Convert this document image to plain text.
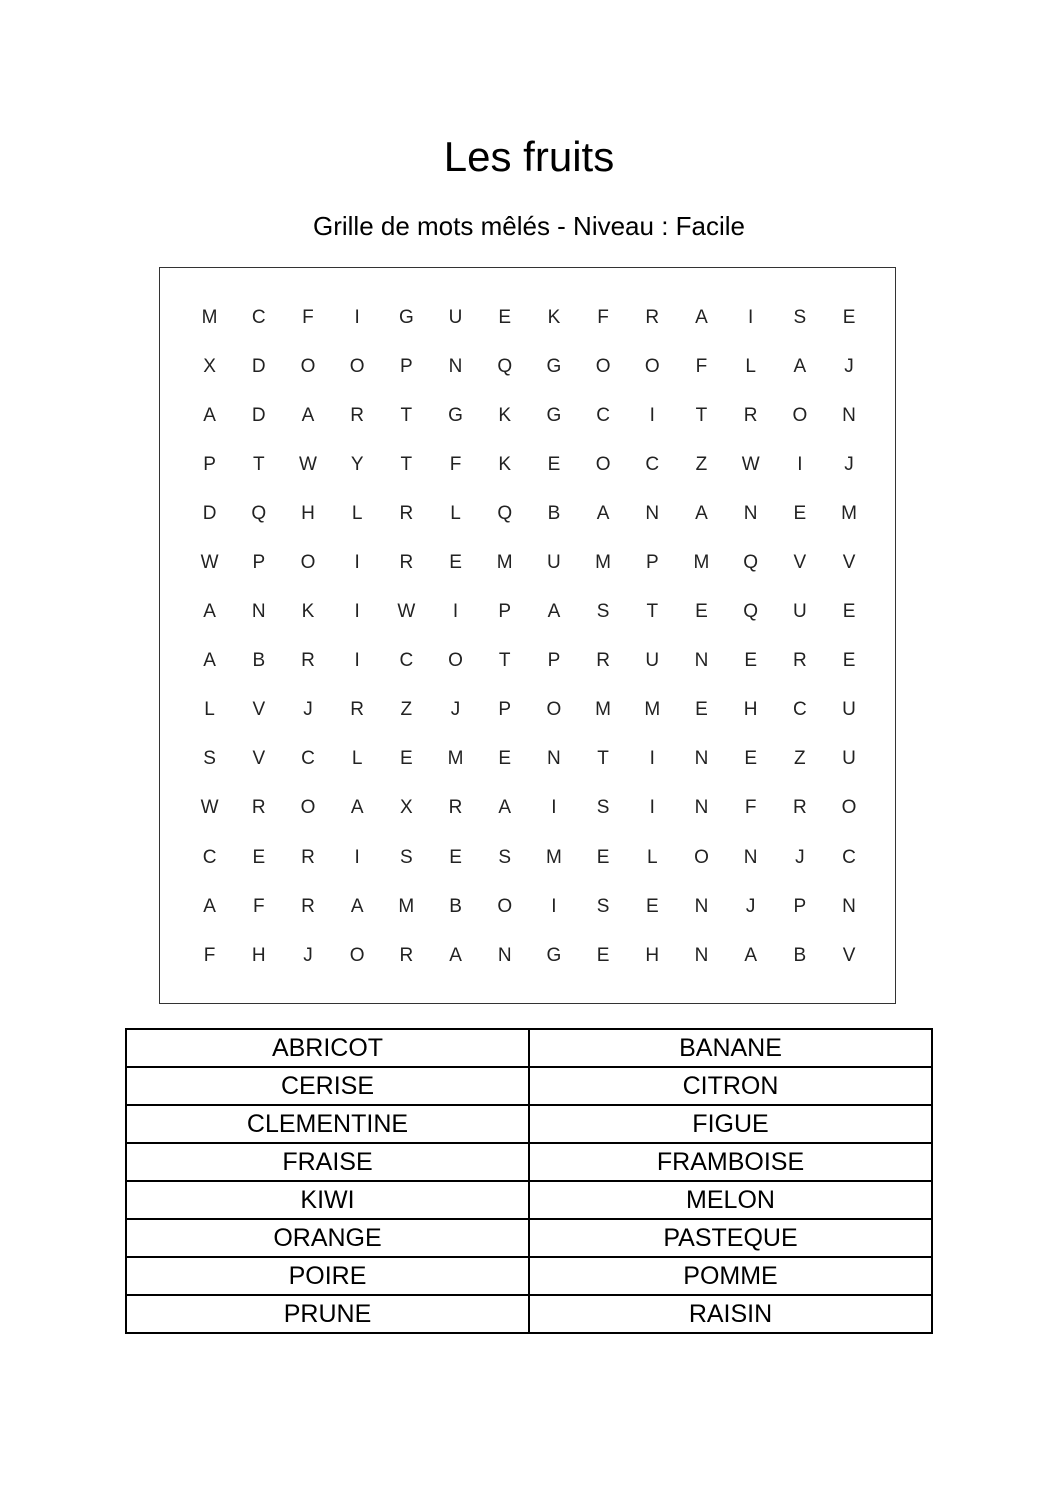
Les fruits
Grille de mots mêlés - Niveau : Facile
M	C	F	I	G	U	E	K	F	R	A	I	S	E
X	D	O	O	P	N	Q	G	O	O	F	L	A	J
A	D	A	R	T	G	K	G	C	I	T	R	O	N
P	T	W	Y	T	F	K	E	O	C	Z	W	I	J
D	Q	H	L	R	L	Q	B	A	N	A	N	E	M
W	P	O	I	R	E	M	U	M	P	M	Q	V	V
A	N	K	I	W	I	P	A	S	T	E	Q	U	E
A	B	R	I	C	O	T	P	R	U	N	E	R	E
L	V	J	R	Z	J	P	O	M	M	E	H	C	U
S	V	C	L	E	M	E	N	T	I	N	E	Z	U
W	R	O	A	X	R	A	I	S	I	N	F	R	O
C	E	R	I	S	E	S	M	E	L	O	N	J	C
A	F	R	A	M	B	O	I	S	E	N	J	P	N
F	H	J	O	R	A	N	G	E	H	N	A	B	V
ABRICOT	BANANE
CERISE	CITRON
CLEMENTINE	FIGUE
FRAISE	FRAMBOISE
KIWI	MELON
ORANGE	PASTEQUE
POIRE	POMME
PRUNE	RAISIN
